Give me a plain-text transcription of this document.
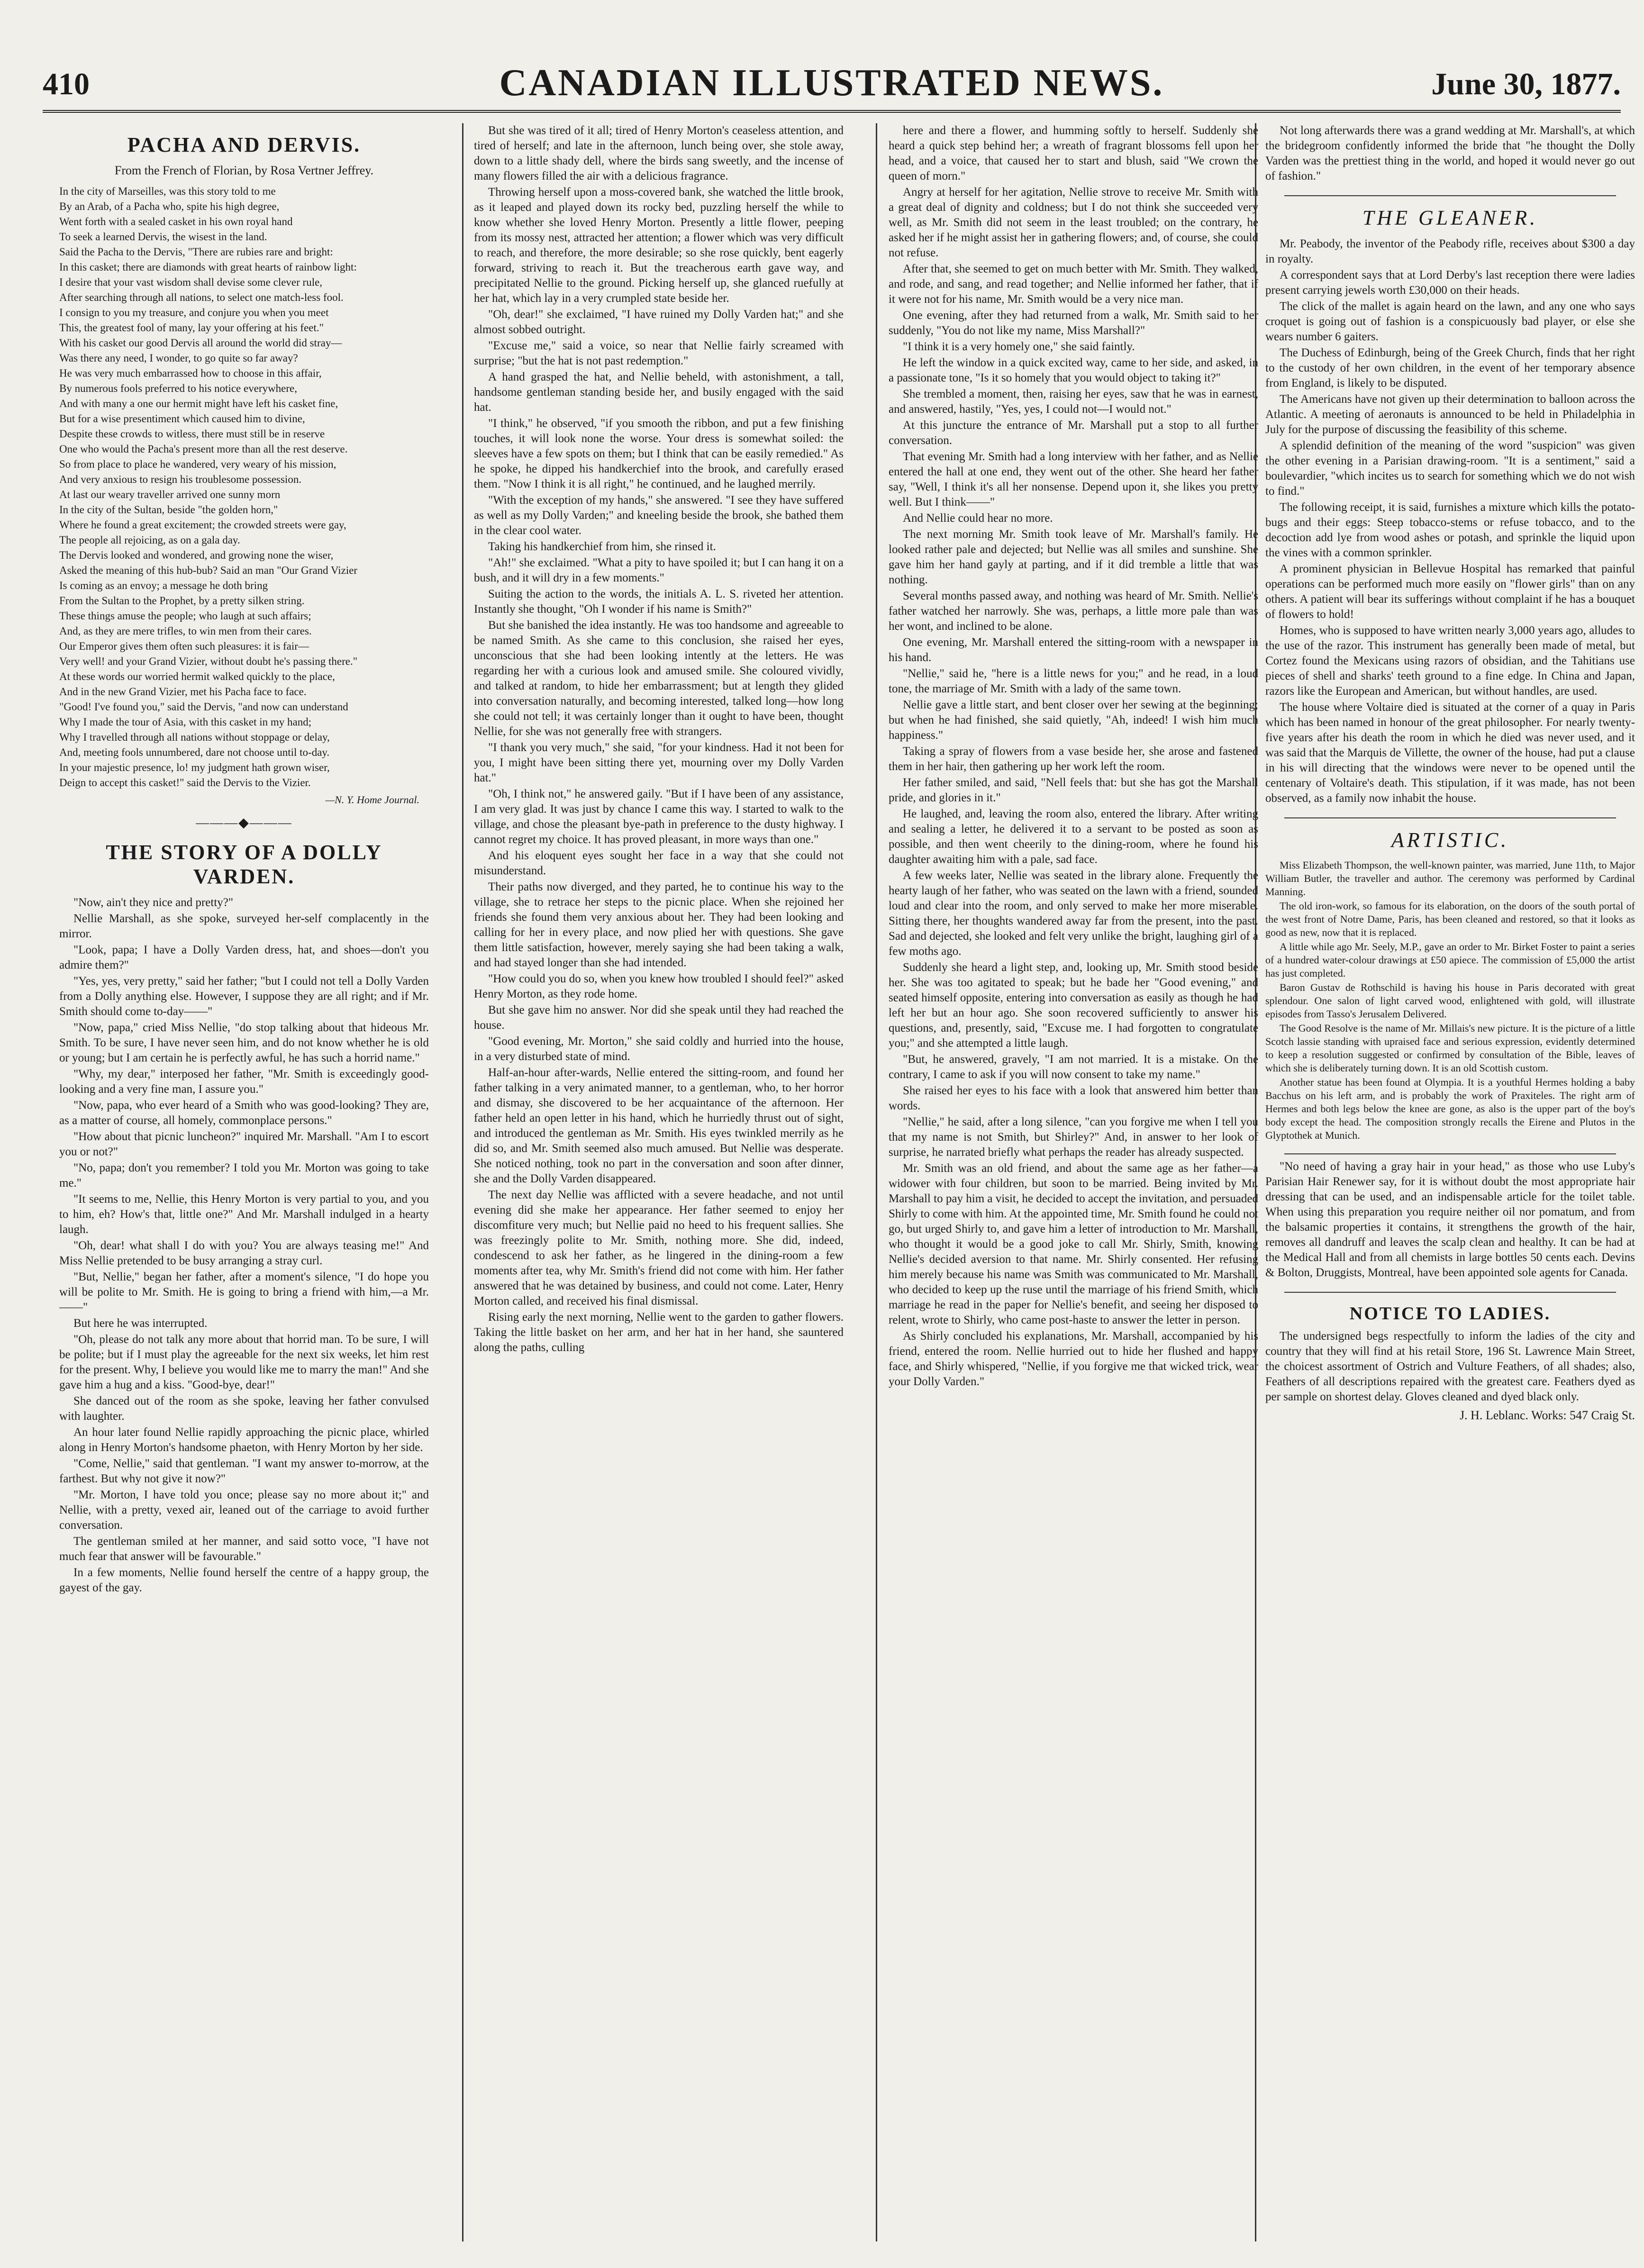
410	CANADIAN ILLUSTRATED NEWS.	June 30, 1877.
PACHA AND DERVIS.
From the French of Florian, by Rosa Vertner Jeffrey.

In the city of Marseilles, was this story told to me

By an Arab, of a Pacha who, spite his high degree,

Went forth with a sealed casket in his own royal hand

To seek a learned Dervis, the wisest in the land.

Said the Pacha to the Dervis, "There are rubies rare and bright:

In this casket; there are diamonds with great hearts of rainbow light:

I desire that your vast wisdom shall devise some clever rule,

After searching through all nations, to select one match-less fool.

I consign to you my treasure, and conjure you when you meet

This, the greatest fool of many, lay your offering at his feet."

With his casket our good Dervis all around the world did stray—

Was there any need, I wonder, to go quite so far away?

He was very much embarrassed how to choose in this affair,

By numerous fools preferred to his notice everywhere,

And with many a one our hermit might have left his casket fine,

But for a wise presentiment which caused him to divine,

Despite these crowds to witless, there must still be in reserve

One who would the Pacha's present more than all the rest deserve.

So from place to place he wandered, very weary of his mission,

And very anxious to resign his troublesome possession.

At last our weary traveller arrived one sunny morn

In the city of the Sultan, beside "the golden horn,"

Where he found a great excitement; the crowded streets were gay,

The people all rejoicing, as on a gala day.

The Dervis looked and wondered, and growing none the wiser,

Asked the meaning of this hub-bub? Said an man "Our Grand Vizier

Is coming as an envoy; a message he doth bring

From the Sultan to the Prophet, by a pretty silken string.

These things amuse the people; who laugh at such affairs;

And, as they are mere trifles, to win men from their cares.

Our Emperor gives them often such pleasures: it is fair—

Very well! and your Grand Vizier, without doubt he's passing there."

At these words our worried hermit walked quickly to the place,

And in the new Grand Vizier, met his Pacha face to face.

"Good! I've found you," said the Dervis, "and now can understand

Why I made the tour of Asia, with this casket in my hand;

Why I travelled through all nations without stoppage or delay,

And, meeting fools unnumbered, dare not choose until to-day.

In your majestic presence, lo! my judgment hath grown wiser,

Deign to accept this casket!" said the Dervis to the Vizier.

—N. Y. Home Journal.
———◆———
THE STORY OF A DOLLY VARDEN.

"Now, ain't they nice and pretty?"

Nellie Marshall, as she spoke, surveyed her-self complacently in the mirror.

"Look, papa; I have a Dolly Varden dress, hat, and shoes—don't you admire them?"

"Yes, yes, very pretty," said her father; "but I could not tell a Dolly Varden from a Dolly anything else. However, I suppose they are all right; and if Mr. Smith should come to-day——"

"Now, papa," cried Miss Nellie, "do stop talking about that hideous Mr. Smith. To be sure, I have never seen him, and do not know whether he is old or young; but I am certain he is perfectly awful, he has such a horrid name."

"Why, my dear," interposed her father, "Mr. Smith is exceedingly good-looking and a very fine man, I assure you."

"Now, papa, who ever heard of a Smith who was good-looking? They are, as a matter of course, all homely, commonplace persons."

"How about that picnic luncheon?" inquired Mr. Marshall. "Am I to escort you or not?"

"No, papa; don't you remember? I told you Mr. Morton was going to take me."

"It seems to me, Nellie, this Henry Morton is very partial to you, and you to him, eh? How's that, little one?" And Mr. Marshall indulged in a hearty laugh.

"Oh, dear! what shall I do with you? You are always teasing me!" And Miss Nellie pretended to be busy arranging a stray curl.

"But, Nellie," began her father, after a moment's silence, "I do hope you will be polite to Mr. Smith. He is going to bring a friend with him,—a Mr.——"

But here he was interrupted.

"Oh, please do not talk any more about that horrid man. To be sure, I will be polite; but if I must play the agreeable for the next six weeks, let him rest for the present. Why, I believe you would like me to marry the man!" And she gave him a hug and a kiss. "Good-bye, dear!"

She danced out of the room as she spoke, leaving her father convulsed with laughter.

An hour later found Nellie rapidly approaching the picnic place, whirled along in Henry Morton's handsome phaeton, with Henry Morton by her side.

"Come, Nellie," said that gentleman. "I want my answer to-morrow, at the farthest. But why not give it now?"

"Mr. Morton, I have told you once; please say no more about it;" and Nellie, with a pretty, vexed air, leaned out of the carriage to avoid further conversation.

The gentleman smiled at her manner, and said sotto voce, "I have not much fear that answer will be favourable."

In a few moments, Nellie found herself the centre of a happy group, the gayest of the gay.

But she was tired of it all; tired of Henry Morton's ceaseless attention, and tired of herself; and late in the afternoon, lunch being over, she stole away, down to a little shady dell, where the birds sang sweetly, and the incense of many flowers filled the air with a delicious fragrance.

Throwing herself upon a moss-covered bank, she watched the little brook, as it leaped and played down its rocky bed, puzzling herself the while to know whether she loved Henry Morton. Presently a little flower, peeping from its mossy nest, attracted her attention; a flower which was very difficult to reach, and therefore, the more desirable; so she rose quickly, bent eagerly forward, striving to reach it. But the treacherous earth gave way, and precipitated Nellie to the ground. Picking herself up, she glanced ruefully at her hat, which lay in a very crumpled state beside her.

"Oh, dear!" she exclaimed, "I have ruined my Dolly Varden hat;" and she almost sobbed outright.

"Excuse me," said a voice, so near that Nellie fairly screamed with surprise; "but the hat is not past redemption."

A hand grasped the hat, and Nellie beheld, with astonishment, a tall, handsome gentleman standing beside her, and busily engaged with the said hat.

"I think," he observed, "if you smooth the ribbon, and put a few finishing touches, it will look none the worse. Your dress is somewhat soiled: the sleeves have a few spots on them; but I think that can be easily remedied." As he spoke, he dipped his handkerchief into the brook, and carefully erased them. "Now I think it is all right," he continued, and he laughed merrily.

"With the exception of my hands," she answered. "I see they have suffered as well as my Dolly Varden;" and kneeling beside the brook, she bathed them in the clear cool water.

Taking his handkerchief from him, she rinsed it.

"Ah!" she exclaimed. "What a pity to have spoiled it; but I can hang it on a bush, and it will dry in a few moments."

Suiting the action to the words, the initials A. L. S. riveted her attention. Instantly she thought, "Oh I wonder if his name is Smith?"

But she banished the idea instantly. He was too handsome and agreeable to be named Smith. As she came to this conclusion, she raised her eyes, unconscious that she had been looking intently at the letters. He was regarding her with a curious look and amused smile. She coloured vividly, and talked at random, to hide her embarrassment; but at length they glided into conversation naturally, and becoming interested, talked long—how long she could not tell; it was certainly longer than it ought to have been, thought Nellie, for she was not generally free with strangers.

"I thank you very much," she said, "for your kindness. Had it not been for you, I might have been sitting there yet, mourning over my Dolly Varden hat."

"Oh, I think not," he answered gaily. "But if I have been of any assistance, I am very glad. It was just by chance I came this way. I started to walk to the village, and chose the pleasant bye-path in preference to the dusty highway. I cannot regret my choice. It has proved pleasant, in more ways than one."

And his eloquent eyes sought her face in a way that she could not misunderstand.

Their paths now diverged, and they parted, he to continue his way to the village, she to retrace her steps to the picnic place. When she rejoined her friends she found them very anxious about her. They had been looking and calling for her in every place, and now plied her with questions. She gave them little satisfaction, however, merely saying she had been taking a walk, and had stayed longer than she had intended.

"How could you do so, when you knew how troubled I should feel?" asked Henry Morton, as they rode home.

But she gave him no answer. Nor did she speak until they had reached the house.

"Good evening, Mr. Morton," she said coldly and hurried into the house, in a very disturbed state of mind.

Half-an-hour after-wards, Nellie entered the sitting-room, and found her father talking in a very animated manner, to a gentleman, who, to her horror and dismay, she discovered to be her acquaintance of the afternoon. Her father held an open letter in his hand, which he hurriedly thrust out of sight, and introduced the gentleman as Mr. Smith. His eyes twinkled merrily as he did so, and Mr. Smith seemed also much amused. But Nellie was desperate. She noticed nothing, took no part in the conversation and soon after dinner, she and the Dolly Varden disappeared.

The next day Nellie was afflicted with a severe headache, and not until evening did she make her appearance. Her father seemed to enjoy her discomfiture very much; but Nellie paid no heed to his frequent sallies. She was freezingly polite to Mr. Smith, nothing more. She did, indeed, condescend to ask her father, as he lingered in the dining-room a few moments after tea, why Mr. Smith's friend did not come with him. Her father answered that he was detained by business, and could not come. Later, Henry Morton called, and received his final dismissal.

Rising early the next morning, Nellie went to the garden to gather flowers. Taking the little basket on her arm, and her hat in her hand, she sauntered along the paths, culling

here and there a flower, and humming softly to herself. Suddenly she heard a quick step behind her; a wreath of fragrant blossoms fell upon her head, and a voice, that caused her to start and blush, said "We crown the queen of morn."

Angry at herself for her agitation, Nellie strove to receive Mr. Smith with a great deal of dignity and coldness; but I do not think she succeeded very well, as Mr. Smith did not seem in the least troubled; on the contrary, he asked her if he might assist her in gathering flowers; and, of course, she could not refuse.

After that, she seemed to get on much better with Mr. Smith. They walked, and rode, and sang, and read together; and Nellie informed her father, that if it were not for his name, Mr. Smith would be a very nice man.

One evening, after they had returned from a walk, Mr. Smith said to her suddenly, "You do not like my name, Miss Marshall?"

"I think it is a very homely one," she said faintly.

He left the window in a quick excited way, came to her side, and asked, in a passionate tone, "Is it so homely that you would object to taking it?"

She trembled a moment, then, raising her eyes, saw that he was in earnest, and answered, hastily, "Yes, yes, I could not—I would not."

At this juncture the entrance of Mr. Marshall put a stop to all further conversation.

That evening Mr. Smith had a long interview with her father, and as Nellie entered the hall at one end, they went out of the other. She heard her father say, "Well, I think it's all her nonsense. Depend upon it, she likes you pretty well. But I think——"

And Nellie could hear no more.

The next morning Mr. Smith took leave of Mr. Marshall's family. He looked rather pale and dejected; but Nellie was all smiles and sunshine. She gave him her hand gayly at parting, and if it did tremble a little that was nothing.

Several months passed away, and nothing was heard of Mr. Smith. Nellie's father watched her narrowly. She was, perhaps, a little more pale than was her wont, and inclined to be alone.

One evening, Mr. Marshall entered the sitting-room with a newspaper in his hand.

"Nellie," said he, "here is a little news for you;" and he read, in a loud tone, the marriage of Mr. Smith with a lady of the same town.

Nellie gave a little start, and bent closer over her sewing at the beginning; but when he had finished, she said quietly, "Ah, indeed! I wish him much happiness."

Taking a spray of flowers from a vase beside her, she arose and fastened them in her hair, then gathering up her work left the room.

Her father smiled, and said, "Nell feels that: but she has got the Marshall pride, and glories in it."

He laughed, and, leaving the room also, entered the library. After writing and sealing a letter, he delivered it to a servant to be posted as soon as possible, and then went cheerily to the dining-room, where he found his daughter awaiting him with a pale, sad face.

A few weeks later, Nellie was seated in the library alone. Frequently the hearty laugh of her father, who was seated on the lawn with a friend, sounded loud and clear into the room, and only served to make her more miserable. Sitting there, her thoughts wandered away far from the present, into the past. Sad and dejected, she looked and felt very unlike the bright, laughing girl of a few moths ago.

Suddenly she heard a light step, and, looking up, Mr. Smith stood beside her. She was too agitated to speak; but he bade her "Good evening," and seated himself opposite, entering into conversation as easily as though he had left her but an hour ago. She soon recovered sufficiently to answer his questions, and, presently, said, "Excuse me. I had forgotten to congratulate you;" and she attempted a little laugh.

"But, he answered, gravely, "I am not married. It is a mistake. On the contrary, I came to ask if you will now consent to take my name."

She raised her eyes to his face with a look that answered him better than words.

"Nellie," he said, after a long silence, "can you forgive me when I tell you that my name is not Smith, but Shirley?" And, in answer to her look of surprise, he narrated briefly what perhaps the reader has already suspected.

Mr. Smith was an old friend, and about the same age as her father—a widower with four children, but soon to be married. Being invited by Mr. Marshall to pay him a visit, he decided to accept the invitation, and persuaded Shirly to come with him. At the appointed time, Mr. Smith found he could not go, but urged Shirly to, and gave him a letter of introduction to Mr. Marshall, who thought it would be a good joke to call Mr. Shirly, Smith, knowing Nellie's decided aversion to that name. Mr. Shirly consented. Her refusing him merely because his name was Smith was communicated to Mr. Marshall, who decided to keep up the ruse until the marriage of his friend Smith, which marriage he read in the paper for Nellie's benefit, and seeing her disposed to relent, wrote to Shirly, who came post-haste to answer the letter in person.

As Shirly concluded his explanations, Mr. Marshall, accompanied by his friend, entered the room. Nellie hurried out to hide her flushed and happy face, and Shirly whispered, "Nellie, if you forgive me that wicked trick, wear your Dolly Varden."

Not long afterwards there was a grand wedding at Mr. Marshall's, at which the bridegroom confidently informed the bride that "he thought the Dolly Varden was the prettiest thing in the world, and hoped it would never go out of fashion."

THE GLEANER.

Mr. Peabody, the inventor of the Peabody rifle, receives about $300 a day in royalty.

A correspondent says that at Lord Derby's last reception there were ladies present carrying jewels worth £30,000 on their heads.

The click of the mallet is again heard on the lawn, and any one who says croquet is going out of fashion is a conspicuously bad player, or else she wears number 6 gaiters.

The Duchess of Edinburgh, being of the Greek Church, finds that her right to the custody of her own children, in the event of her temporary absence from England, is likely to be disputed.

The Americans have not given up their determination to balloon across the Atlantic. A meeting of aeronauts is announced to be held in Philadelphia in July for the purpose of discussing the feasibility of this scheme.

A splendid definition of the meaning of the word "suspicion" was given the other evening in a Parisian drawing-room. "It is a sentiment," said a boulevardier, "which incites us to search for something which we do not wish to find."

The following receipt, it is said, furnishes a mixture which kills the potato-bugs and their eggs: Steep tobacco-stems or refuse tobacco, and to the decoction add lye from wood ashes or potash, and sprinkle the liquid upon the vines with a common sprinkler.

A prominent physician in Bellevue Hospital has remarked that painful operations can be performed much more easily on "flower girls" than on any others. A patient will bear its sufferings without complaint if he has a bouquet of flowers to hold!

Homes, who is supposed to have written nearly 3,000 years ago, alludes to the use of the razor. This instrument has generally been made of metal, but Cortez found the Mexicans using razors of obsidian, and the Tahitians use pieces of shell and sharks' teeth ground to a fine edge. In China and Japan, razors like the European and American, but without handles, are used.

The house where Voltaire died is situated at the corner of a quay in Paris which has been named in honour of the great philosopher. For nearly twenty-five years after his death the room in which he died was never used, and it was said that the Marquis de Villette, the owner of the house, had put a clause in his will directing that the windows were never to be opened until the centenary of Voltaire's death. This stipulation, if it was made, has not been observed, as a family now inhabit the house.

ARTISTIC.

Miss Elizabeth Thompson, the well-known painter, was married, June 11th, to Major William Butler, the traveller and author. The ceremony was performed by Cardinal Manning.

The old iron-work, so famous for its elaboration, on the doors of the south portal of the west front of Notre Dame, Paris, has been cleaned and restored, so that it looks as good as new, now that it is replaced.

A little while ago Mr. Seely, M.P., gave an order to Mr. Birket Foster to paint a series of a hundred water-colour drawings at £50 apiece. The commission of £5,000 the artist has just completed.

Baron Gustav de Rothschild is having his house in Paris decorated with great splendour. One salon of light carved wood, enlightened with gold, will illustrate episodes from Tasso's Jerusalem Delivered.

The Good Resolve is the name of Mr. Millais's new picture. It is the picture of a little Scotch lassie standing with upraised face and serious expression, evidently determined to keep a resolution suggested or confirmed by consultation of the Bible, leaves of which she is deliberately turning down. It is an old Scottish custom.

Another statue has been found at Olympia. It is a youthful Hermes holding a baby Bacchus on his left arm, and is probably the work of Praxiteles. The right arm of Hermes and both legs below the knee are gone, as also is the upper part of the boy's body except the head. The composition strongly recalls the Eirene and Plutos in the Glyptothek at Munich.

"No need of having a gray hair in your head," as those who use Luby's Parisian Hair Renewer say, for it is without doubt the most appropriate hair dressing that can be used, and an indispensable article for the toilet table. When using this preparation you require neither oil nor pomatum, and from the balsamic properties it contains, it strengthens the growth of the hair, removes all dandruff and leaves the scalp clean and healthy. It can be had at the Medical Hall and from all chemists in large bottles 50 cents each. Devins & Bolton, Druggists, Montreal, have been appointed sole agents for Canada.

NOTICE TO LADIES.

The undersigned begs respectfully to inform the ladies of the city and country that they will find at his retail Store, 196 St. Lawrence Main Street, the choicest assortment of Ostrich and Vulture Feathers, of all shades; also, Feathers of all descriptions repaired with the greatest care. Feathers dyed as per sample on shortest delay. Gloves cleaned and dyed black only.

J. H. Leblanc. Works: 547 Craig St.
